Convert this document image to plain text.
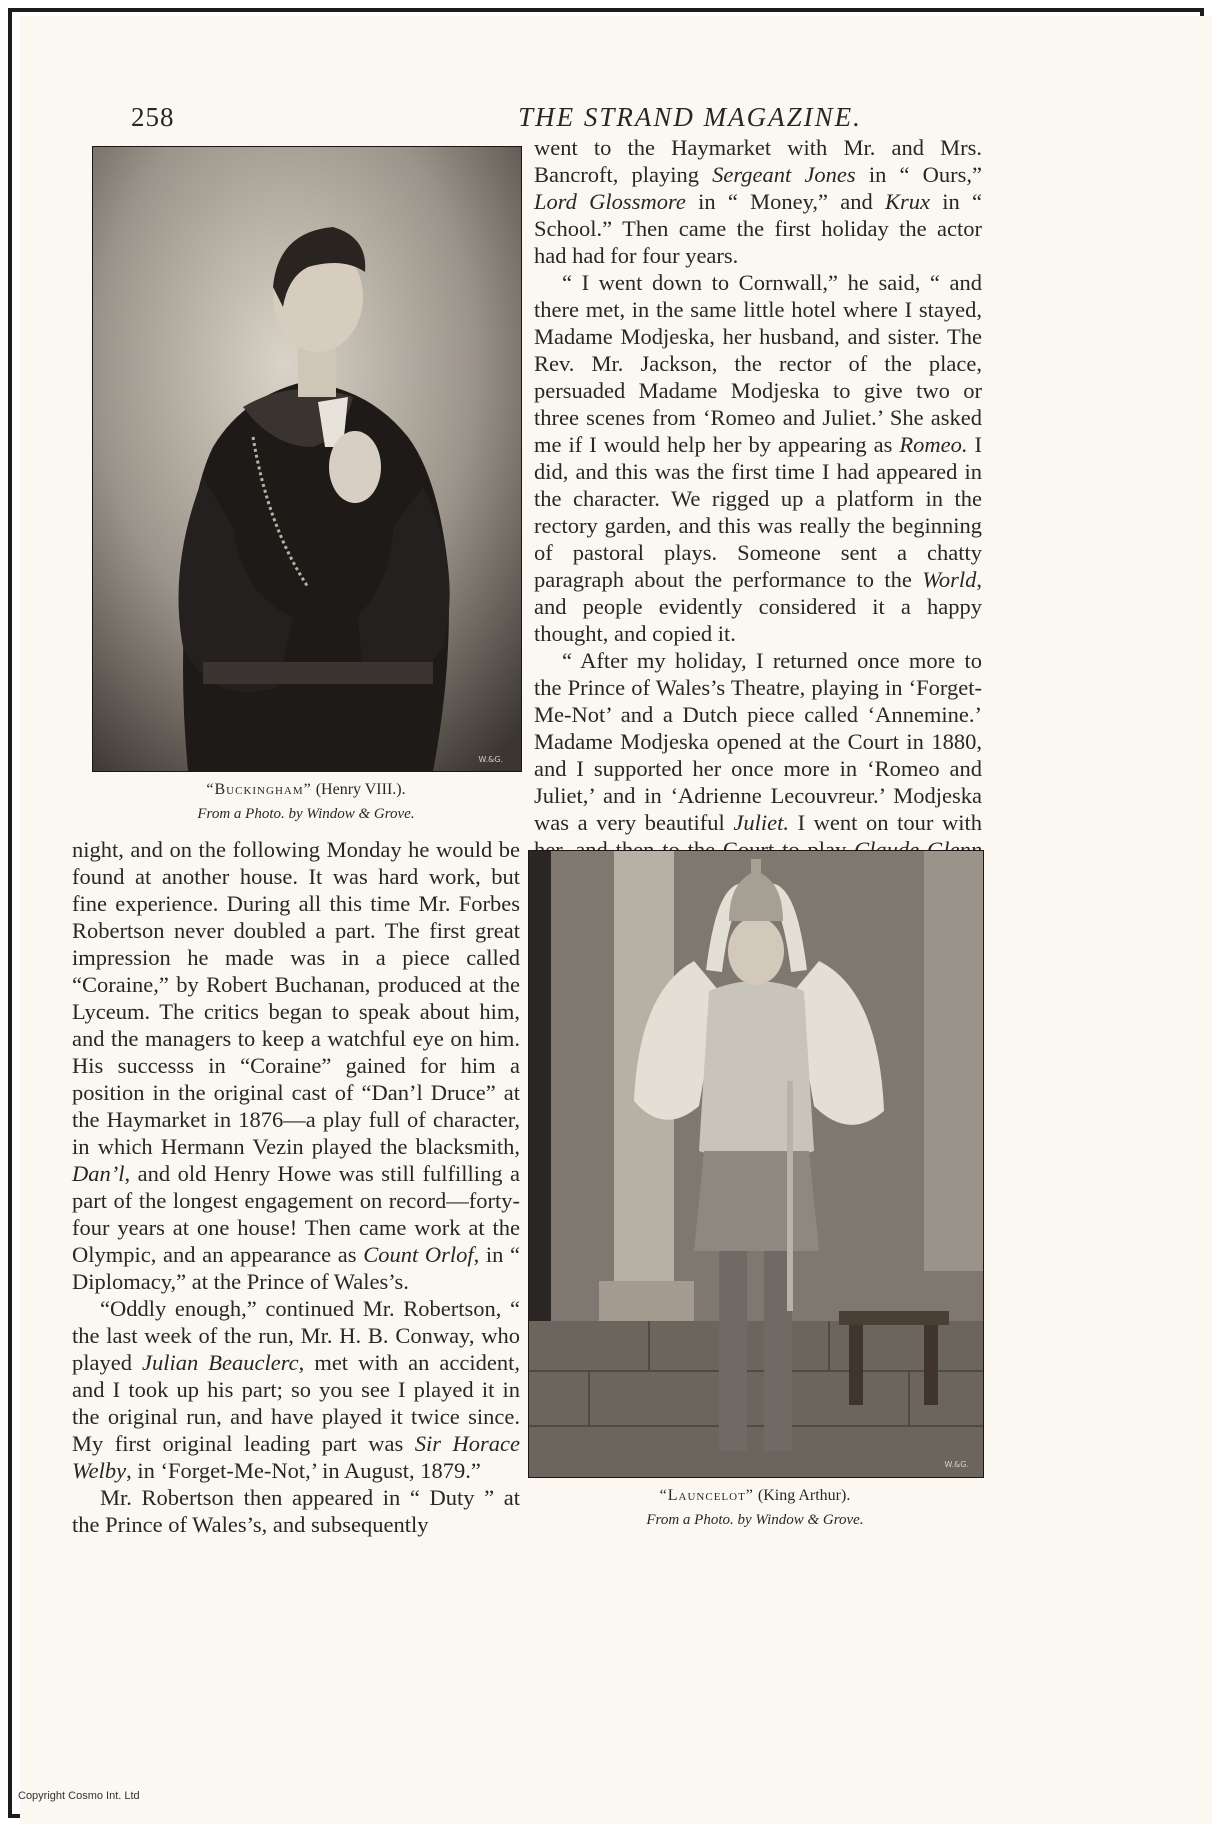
258	THE STRAND MAGAZINE.
W.&G.
“Buckingham” (Henry VIII.).
From a Photo. by Window & Grove.

night, and on the following Monday he would be found at another house. It was hard work, but fine experience. During all this time Mr. Forbes Robertson never doubled a part. The first great impression he made was in a piece called “Coraine,” by Robert Buchanan, produced at the Lyceum. The critics began to speak about him, and the managers to keep a watchful eye on him. His successs in “Coraine” gained for him a position in the original cast of “Dan’l Druce” at the Haymarket in 1876—a play full of character, in which Hermann Vezin played the blacksmith, Dan’l, and old Henry Howe was still fulfilling a part of the longest engagement on record—forty-four years at one house! Then came work at the Olympic, and an appearance as Count Orlof, in “ Diplomacy,” at the Prince of Wales’s.

“Oddly enough,” continued Mr. Robertson, “ the last week of the run, Mr. H. B. Conway, who played Julian Beauclerc, met with an accident, and I took up his part; so you see I played it in the original run, and have played it twice since. My first original leading part was Sir Horace Welby, in ‘Forget-Me-Not,’ in August, 1879.”

Mr. Robertson then appeared in “ Duty ” at the Prince of Wales’s, and subsequently

went to the Haymarket with Mr. and Mrs. Bancroft, playing Sergeant Jones in “ Ours,” Lord Glossmore in “ Money,” and Krux in “ School.” Then came the first holiday the actor had had for four years.

“ I went down to Cornwall,” he said, “ and there met, in the same little hotel where I stayed, Madame Modjeska, her husband, and sister. The Rev. Mr. Jackson, the rector of the place, persuaded Madame Modjeska to give two or three scenes from ‘Romeo and Juliet.’ She asked me if I would help her by appearing as Romeo. I did, and this was the first time I had appeared in the character. We rigged up a platform in the rectory garden, and this was really the beginning of pastoral plays. Someone sent a chatty paragraph about the performance to the World, and people evidently considered it a happy thought, and copied it.

“ After my holiday, I returned once more to the Prince of Wales’s Theatre, playing in ‘Forget-Me-Not’ and a Dutch piece called ‘Annemine.’ Madame Modjeska opened at the Court in 1880, and I supported her once more in ‘Romeo and Juliet,’ and in ‘Adrienne Lecouvreur.’ Modjeska was a very beautiful Juliet. I went on tour with

W.&G.
“Launcelot” (King Arthur).
From a Photo. by Window & Grove.
Copyright Cosmo Int. Ltd
